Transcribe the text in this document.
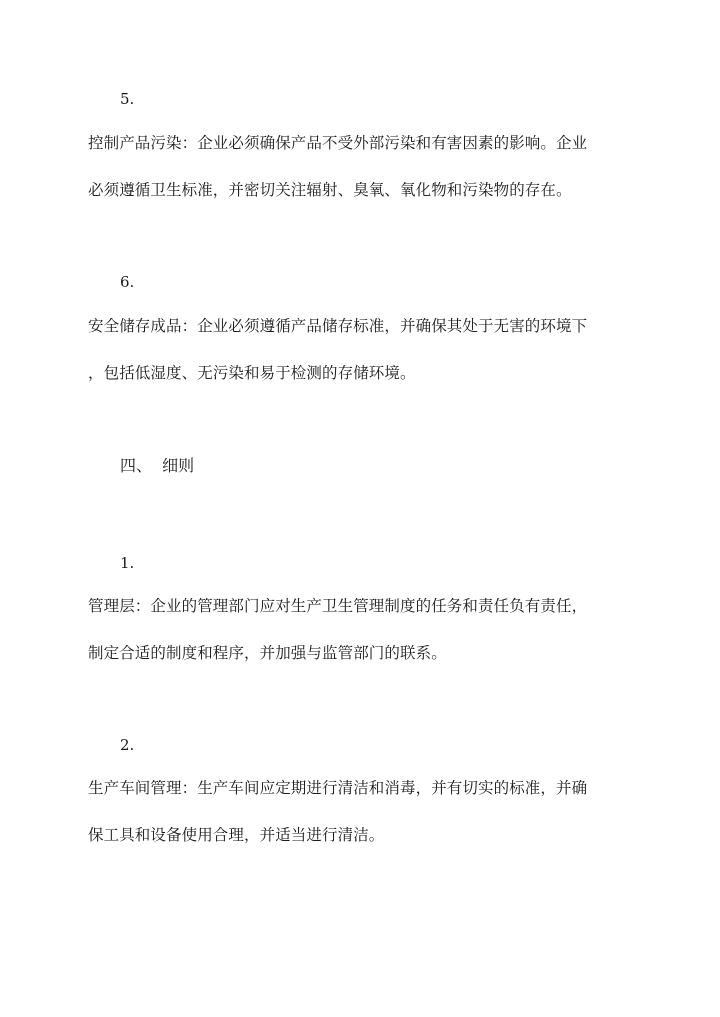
5.
控制产品污染：企业必须确保产品不受外部污染和有害因素的影响。企业
必须遵循卫生标准，并密切关注辐射、臭氧、氧化物和污染物的存在。
6.
安全储存成品：企业必须遵循产品储存标准，并确保其处于无害的环境下
，包括低湿度、无污染和易于检测的存储环境。
四、  细则
1.
管理层：企业的管理部门应对生产卫生管理制度的任务和责任负有责任，
制定合适的制度和程序，并加强与监管部门的联系。
2.
生产车间管理：生产车间应定期进行清洁和消毒，并有切实的标准，并确
保工具和设备使用合理，并适当进行清洁。
